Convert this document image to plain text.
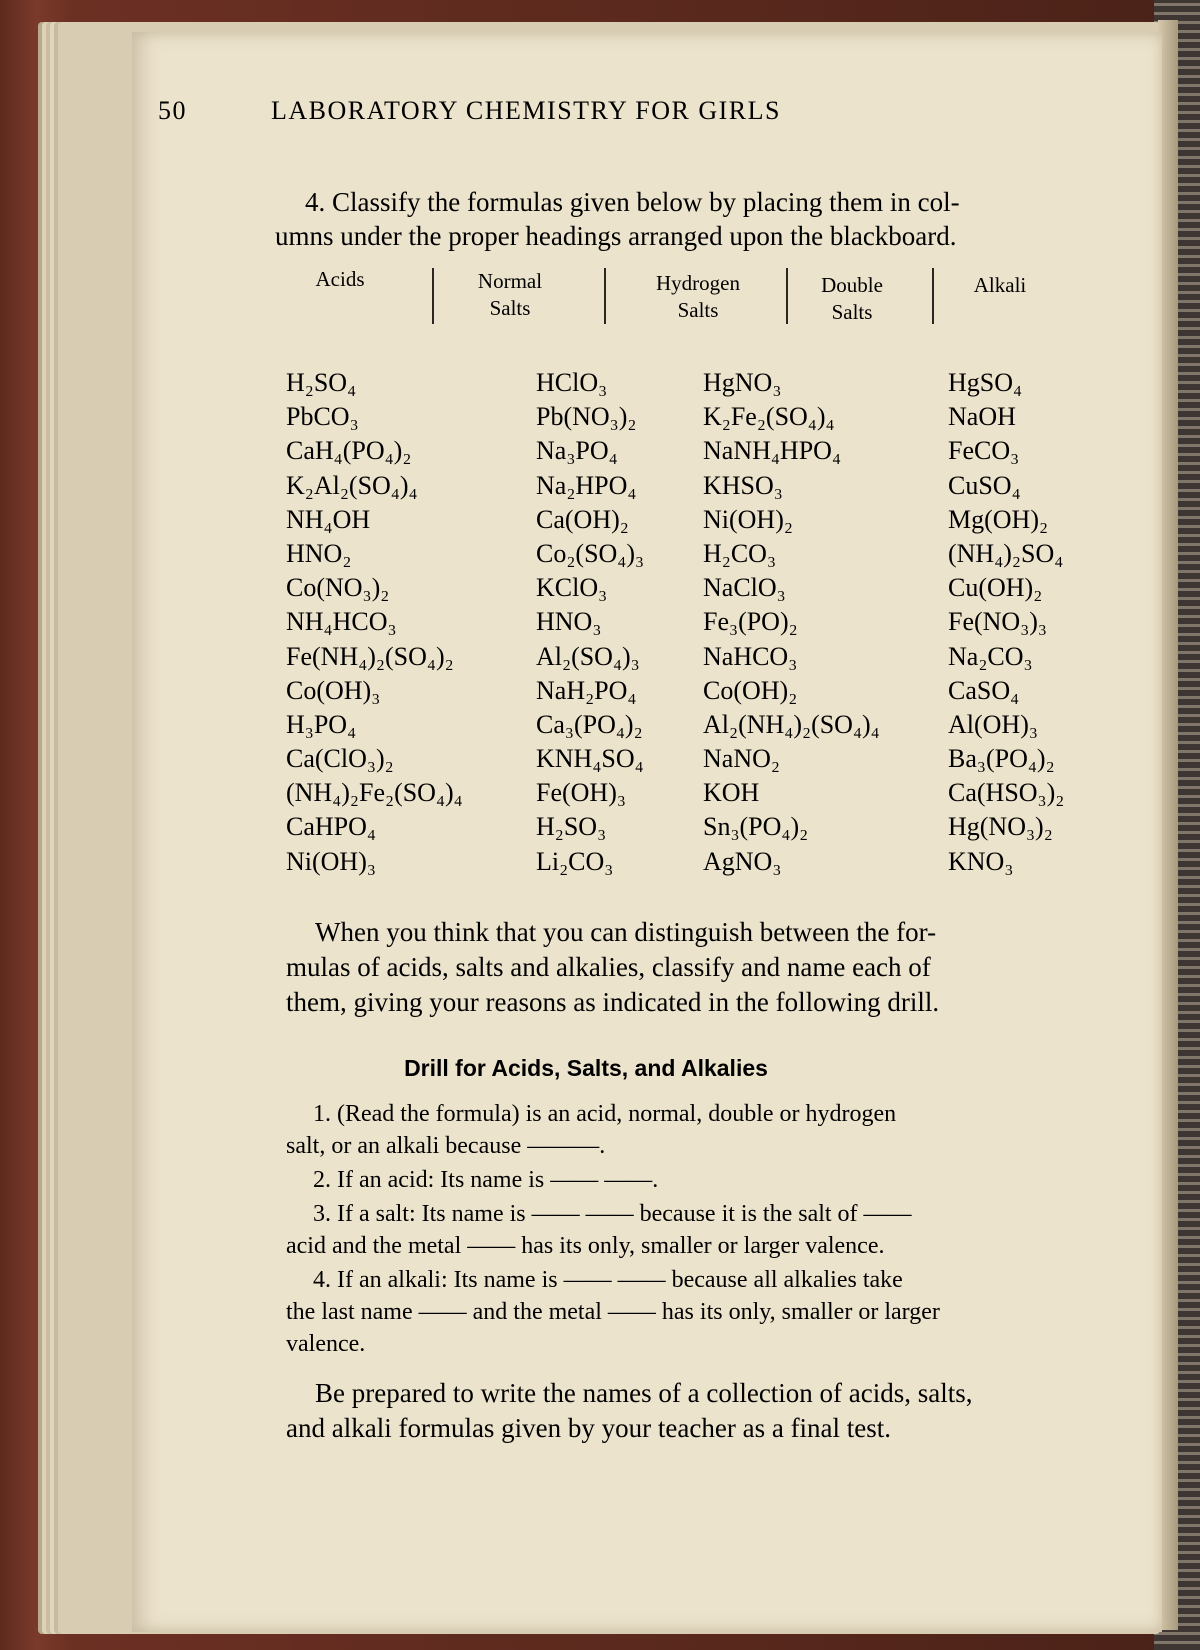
50	LABORATORY CHEMISTRY FOR GIRLS
4. Classify the formulas given below by placing them in col-
umns under the proper headings arranged upon the blackboard.
Acids	Normal
Salts
Hydrogen
Salts
Double
Salts
Alkali
H₂SO₄
PbCO₃
CaH₄(PO₄)₂
K₂Al₂(SO₄)₄
NH₄OH
HNO₂
Co(NO₃)₂
NH₄HCO₃
Fe(NH₄)₂(SO₄)₂
Co(OH)₃
H₃PO₄
Ca(ClO₃)₂
(NH₄)₂Fe₂(SO₄)₄
CaHPO₄
Ni(OH)₃
HClO₃
Pb(NO₃)₂
Na₃PO₄
Na₂HPO₄
Ca(OH)₂
Co₂(SO₄)₃
KClO₃
HNO₃
Al₂(SO₄)₃
NaH₂PO₄
Ca₃(PO₄)₂
KNH₄SO₄
Fe(OH)₃
H₂SO₃
Li₂CO₃
HgNO₃
K₂Fe₂(SO₄)₄
NaNH₄HPO₄
KHSO₃
Ni(OH)₂
H₂CO₃
NaClO₃
Fe₃(PO)₂
NaHCO₃
Co(OH)₂
Al₂(NH₄)₂(SO₄)₄
NaNO₂
KOH
Sn₃(PO₄)₂
AgNO₃
HgSO₄
NaOH
FeCO₃
CuSO₄
Mg(OH)₂
(NH₄)₂SO₄
Cu(OH)₂
Fe(NO₃)₃
Na₂CO₃
CaSO₄
Al(OH)₃
Ba₃(PO₄)₂
Ca(HSO₃)₂
Hg(NO₃)₂
KNO₃
When you think that you can distinguish between the for-
mulas of acids, salts and alkalies, classify and name each of
them, giving your reasons as indicated in the following drill.
Drill for Acids, Salts, and Alkalies
1. (Read the formula) is an acid, normal, double or hydrogen
salt, or an alkali because ———.
2. If an acid: Its name is —— ——.
3. If a salt: Its name is —— —— because it is the salt of ——
acid and the metal —— has its only, smaller or larger valence.
4. If an alkali: Its name is —— —— because all alkalies take
the last name —— and the metal —— has its only, smaller or larger
valence.
Be prepared to write the names of a collection of acids, salts,
and alkali formulas given by your teacher as a final test.
